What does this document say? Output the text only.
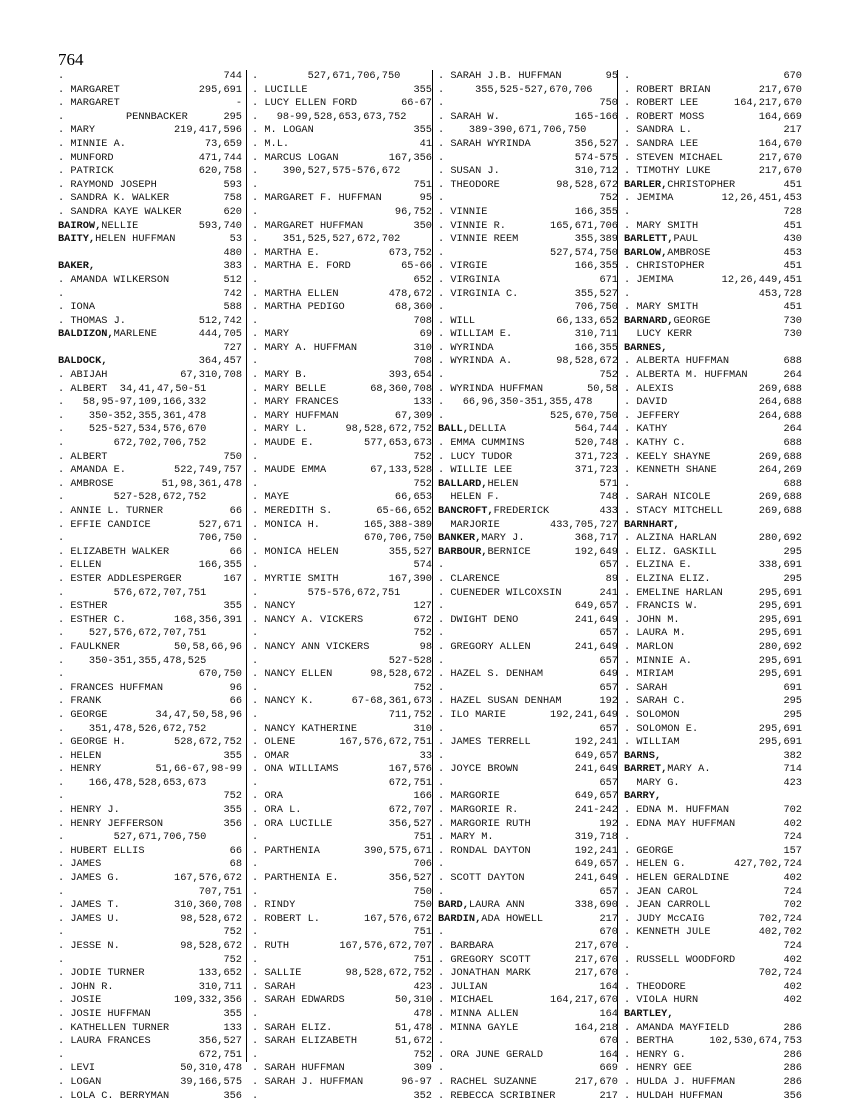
764
.	744
. MARGARET	295,691
. MARGARET	-
.          PENNBACKER	295
. MARY	219,417,596
. MINNIE A.	73,659
. MUNFORD	471,744
. PATRICK	620,758
. RAYMOND JOSEPH	593
. SANDRA K. WALKER	758
. SANDRA KAYE WALKER	620
BAIROW,NELLIE	593,740
BAITY,HELEN HUFFMAN	53
480
BAKER,	383
. AMANDA WILKERSON	512
.	742
. IONA	588
. THOMAS J.	512,742
BALDIZON,MARLENE	444,705
727
BALDOCK,	364,457
. ABIJAH	67,310,708
. ALBERT  34,41,47,50-51
.   58,95-97,109,166,332
.    350-352,355,361,478
.    525-527,534,576,670
.        672,702,706,752
. ALBERT	750
. AMANDA E.	522,749,757
. AMBROSE	51,98,361,478
.        527-528,672,752
. ANNIE L. TURNER	66
. EFFIE CANDICE	527,671
.	706,750
. ELIZABETH WALKER	66
. ELLEN	166,355
. ESTER ADDLESPERGER	167
.        576,672,707,751
. ESTHER	355
. ESTHER C.	168,356,391
.    527,576,672,707,751
. FAULKNER	50,58,66,96
.    350-351,355,478,525
.	670,750
. FRANCES HUFFMAN	96
. FRANK	66
. GEORGE	34,47,50,58,96
.    351,478,526,672,752
. GEORGE H.	528,672,752
. HELEN	355
. HENRY	51,66-67,98-99
.    166,478,528,653,673
.	752
. HENRY J.	355
. HENRY JEFFERSON	356
.        527,671,706,750
. HUBERT ELLIS	66
. JAMES	68
. JAMES G.	167,576,672
.	707,751
. JAMES T.	310,360,708
. JAMES U.	98,528,672
.	752
. JESSE N.	98,528,672
.	752
. JODIE TURNER	133,652
. JOHN R.	310,711
. JOSIE	109,332,356
. JOSIE HUFFMAN	355
. KATHELLEN TURNER	133
. LAURA FRANCES	356,527
.	672,751
. LEVI	50,310,478
. LOGAN	39,166,575
. LOLA C. BERRYMAN	356
.        527,671,706,750
. LUCILLE	355
. LUCY ELLEN FORD	66-67
.   98-99,528,653,673,752
. M. LOGAN	355
. M.L.	41
. MARCUS LOGAN	167,356
.    390,527,575-576,672
.	751
. MARGARET F. HUFFMAN	95
.	96,752
. MARGARET HUFFMAN	350
.    351,525,527,672,702
. MARTHA E.	673,752
. MARTHA E. FORD	65-66
.	652
. MARTHA ELLEN	478,672
. MARTHA PEDIGO	68,360
.	708
. MARY	69
. MARY A. HUFFMAN	310
.	708
. MARY B.	393,654
. MARY BELLE	68,360,708
. MARY FRANCES	133
. MARY HUFFMAN	67,309
. MARY L.	98,528,672,752
. MAUDE E.	577,653,673
.	752
. MAUDE EMMA	67,133,528
.	752
. MAYE	66,653
. MEREDITH S.	65-66,652
. MONICA H.	165,388-389
.	670,706,750
. MONICA HELEN	355,527
.	574
. MYRTIE SMITH	167,390
.        575-576,672,751
. NANCY	127
. NANCY A. VICKERS	672
.	752
. NANCY ANN VICKERS	98
.	527-528
. NANCY ELLEN	98,528,672
.	752
. NANCY K.	67-68,361,673
.	711,752
. NANCY KATHERINE	310
. OLENE	167,576,672,751
. OMAR	33
. ONA WILLIAMS	167,576
.	672,751
. ORA	166
. ORA L.	672,707
. ORA LUCILLE	356,527
.	751
. PARTHENIA	390,575,671
.	706
. PARTHENIA E.	356,527
.	750
. RINDY	750
. ROBERT L.	167,576,672
.	751
. RUTH	167,576,672,707
.	751
. SALLIE	98,528,672,752
. SARAH	423
. SARAH EDWARDS	50,310
.	478
. SARAH ELIZ.	51,478
. SARAH ELIZABETH	51,672
.	752
. SARAH HUFFMAN	309
. SARAH J. HUFFMAN	96-97
.	352
. SARAH J.B. HUFFMAN	95
.     355,525-527,670,706
.	750
. SARAH W.	165-166
.    389-390,671,706,750
. SARAH WYRINDA	356,527
.	574-575
. SUSAN J.	310,712
. THEODORE	98,528,672
.	752
. VINNIE	166,355
. VINNIE R.	165,671,706
. VINNIE REEM	355,389
.	527,574,750
. VIRGIE	166,355
. VIRGINIA	671
. VIRGINIA C.	355,527
.	706,750
. WILL	66,133,652
. WILLIAM E.	310,711
. WYRINDA	166,355
. WYRINDA A.	98,528,672
.	752
. WYRINDA HUFFMAN	50,58
.   66,96,350-351,355,478
.	525,670,750
BALL,DELLIA	564,744
. EMMA CUMMINS	520,748
. LUCY TUDOR	371,723
. WILLIE LEE	371,723
BALLARD,HELEN	571
HELEN F.	748
BANCROFT,FREDERICK	433
MARJORIE	433,705,727
BANKER,MARY J.	368,717
BARBOUR,BERNICE	192,649
.	657
. CLARENCE	89
. CUENEDER WILCOXSIN	241
.	649,657
. DWIGHT DENO	241,649
.	657
. GREGORY ALLEN	241,649
.	657
. HAZEL S. DENHAM	649
.	657
. HAZEL SUSAN DENHAM	192
. ILO MARIE	192,241,649
.	657
. JAMES TERRELL	192,241
.	649,657
. JOYCE BROWN	241,649
.	657
. MARGORIE	649,657
. MARGORIE R.	241-242
. MARGORIE RUTH	192
. MARY M.	319,718
. RONDAL DAYTON	192,241
.	649,657
. SCOTT DAYTON	241,649
.	657
BARD,LAURA ANN	338,690
BARDIN,ADA HOWELL	217
.	670
. BARBARA	217,670
. GREGORY SCOTT	217,670
. JONATHAN MARK	217,670
. JULIAN	164
. MICHAEL	164,217,670
. MINNA ALLEN	164
. MINNA GAYLE	164,218
.	670
. ORA JUNE GERALD	164
.	669
. RACHEL SUZANNE	217,670
. REBECCA SCRIBINER	217
.	670
. ROBERT BRIAN	217,670
. ROBERT LEE	164,217,670
. ROBERT MOSS	164,669
. SANDRA L.	217
. SANDRA LEE	164,670
. STEVEN MICHAEL	217,670
. TIMOTHY LUKE	217,670
BARLER,CHRISTOPHER	451
. JEMIMA	12,26,451,453
.	728
. MARY SMITH	451
BARLETT,PAUL	430
BARLOW,AMBROSE	453
. CHRISTOPHER	451
. JEMIMA	12,26,449,451
.	453,728
. MARY SMITH	451
BARNARD,GEORGE	730
LUCY KERR	730
BARNES,
. ALBERTA HUFFMAN	688
. ALBERTA M. HUFFMAN	264
. ALEXIS	269,688
. DAVID	264,688
. JEFFERY	264,688
. KATHY	264
. KATHY C.	688
. KEELY SHAYNE	269,688
. KENNETH SHANE	264,269
.	688
. SARAH NICOLE	269,688
. STACY MITCHELL	269,688
BARNHART,
. ALZINA HARLAN	280,692
. ELIZ. GASKILL	295
. ELZINA E.	338,691
. ELZINA ELIZ.	295
. EMELINE HARLAN	295,691
. FRANCIS W.	295,691
. JOHN M.	295,691
. LAURA M.	295,691
. MARLON	280,692
. MINNIE A.	295,691
. MIRIAM	295,691
. SARAH	691
. SARAH C.	295
. SOLOMON	295
. SOLOMON E.	295,691
. WILLIAM	295,691
BARNS,	382
BARRET,MARY A.	714
MARY G.	423
BARRY,
. EDNA M. HUFFMAN	702
. EDNA MAY HUFFMAN	402
.	724
. GEORGE	157
. HELEN G.	427,702,724
. HELEN GERALDINE	402
. JEAN CAROL	724
. JEAN CARROLL	702
. JUDY McCAIG	702,724
. KENNETH JULE	402,702
.	724
. RUSSELL WOODFORD	402
.	702,724
. THEODORE	402
. VIOLA HURN	402
BARTLEY,
. AMANDA MAYFIELD	286
. BERTHA	102,530,674,753
. HENRY G.	286
. HENRY GEE	286
. HULDA J. HUFFMAN	286
. HULDAH HUFFMAN	356
